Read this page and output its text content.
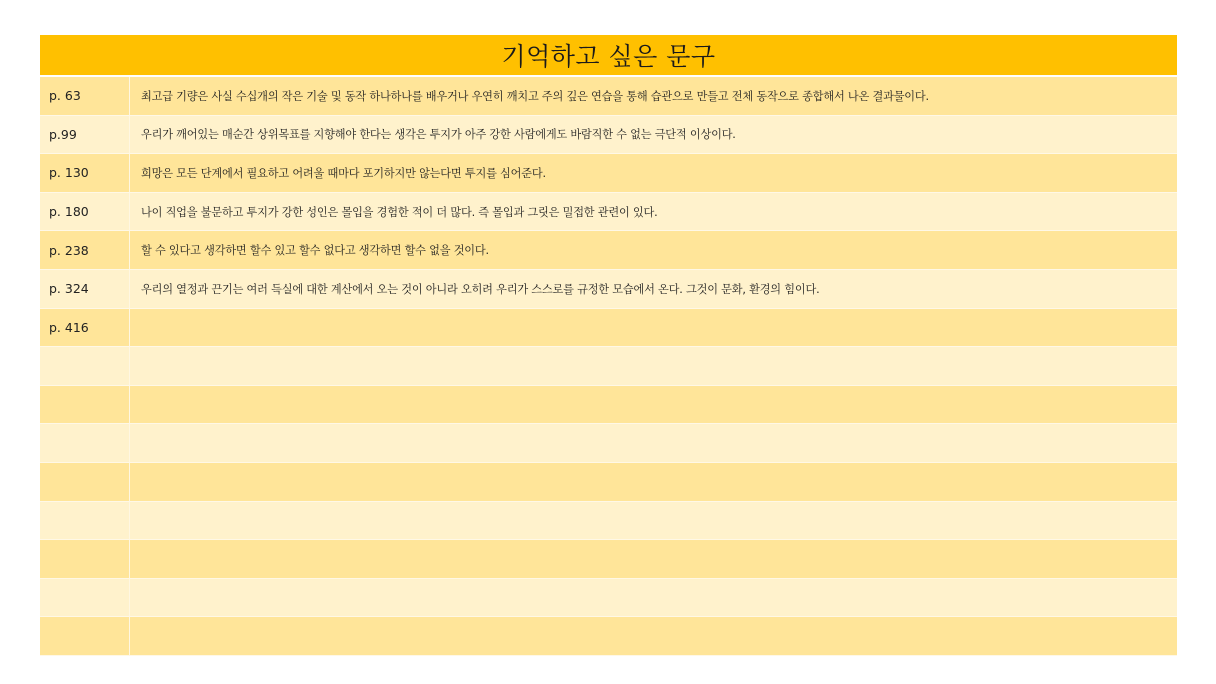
기억하고 싶은 문구
p. 63	최고급 기량은 사실 수십개의 작은 기술 및 동작 하나하나를 배우거나 우연히 깨치고 주의 깊은 연습을 통해 습관으로 만들고 전체 동작으로 종합해서 나온 결과물이다.
p.99	우리가 깨어있는 매순간 상위목표를 지향해야 한다는 생각은 투지가 아주 강한 사람에게도 바람직한 수 없는 극단적 이상이다.
p. 130	희망은 모든 단계에서 필요하고 어려울 때마다 포기하지만 않는다면 투지를 심어준다.
p. 180	나이 직업을 불문하고 투지가 강한 성인은 몰입을 경험한 적이 더 많다. 즉 몰입과 그릿은 밀접한 관련이 있다.
p. 238	할 수 있다고 생각하면 할수 있고 할수 없다고 생각하면 할수 없을 것이다.
p. 324	우리의 열정과 끈기는 여러 득실에 대한 계산에서 오는 것이 아니라 오히려 우리가 스스로를 규정한 모습에서 온다. 그것이 문화, 환경의 힘이다.
p. 416
